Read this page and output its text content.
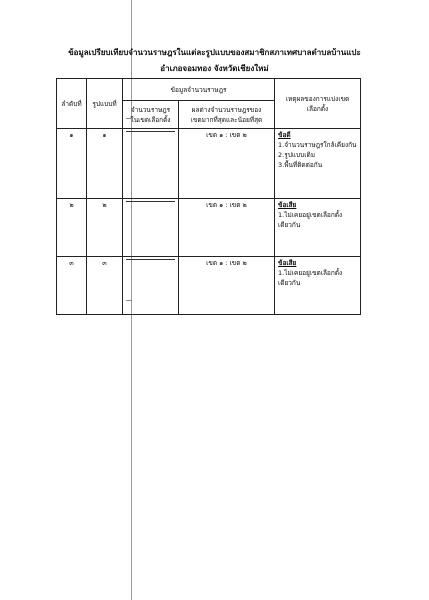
ข้อมูลเปรียบเทียบจำนวนราษฎรในแต่ละรูปแบบของสมาชิกสภาเทศบาลตำบลบ้านแปะ
อำเภอจอมทอง จังหวัดเชียงใหม่
ลำดับที่	รูปแบบที่	ข้อมูลจำนวนราษฎร		เหตุผลของการแบ่งเขต
เลือกตั้ง
		จำนวนราษฎร
ในเขตเลือกตั้ง	ผลต่างจำนวนราษฎรของ
เขตมากที่สุดและน้อยที่สุด	
๑	๑		เขต ๑ : เขต ๒	ข้อดี
1.จำนวนราษฎรใกล้เคียงกัน
2.รูปแบบเดิม
3.พื้นที่ติดต่อกัน

๒	๒		เขต ๑ : เขต ๒	ข้อเสีย
1.ไม่เคยอยู่เขตเลือกตั้ง
เดียวกัน

๓	๓		เขต ๑ : เขต ๒	ข้อเสีย
1.ไม่เคยอยู่เขตเลือกตั้ง
เดียวกัน
